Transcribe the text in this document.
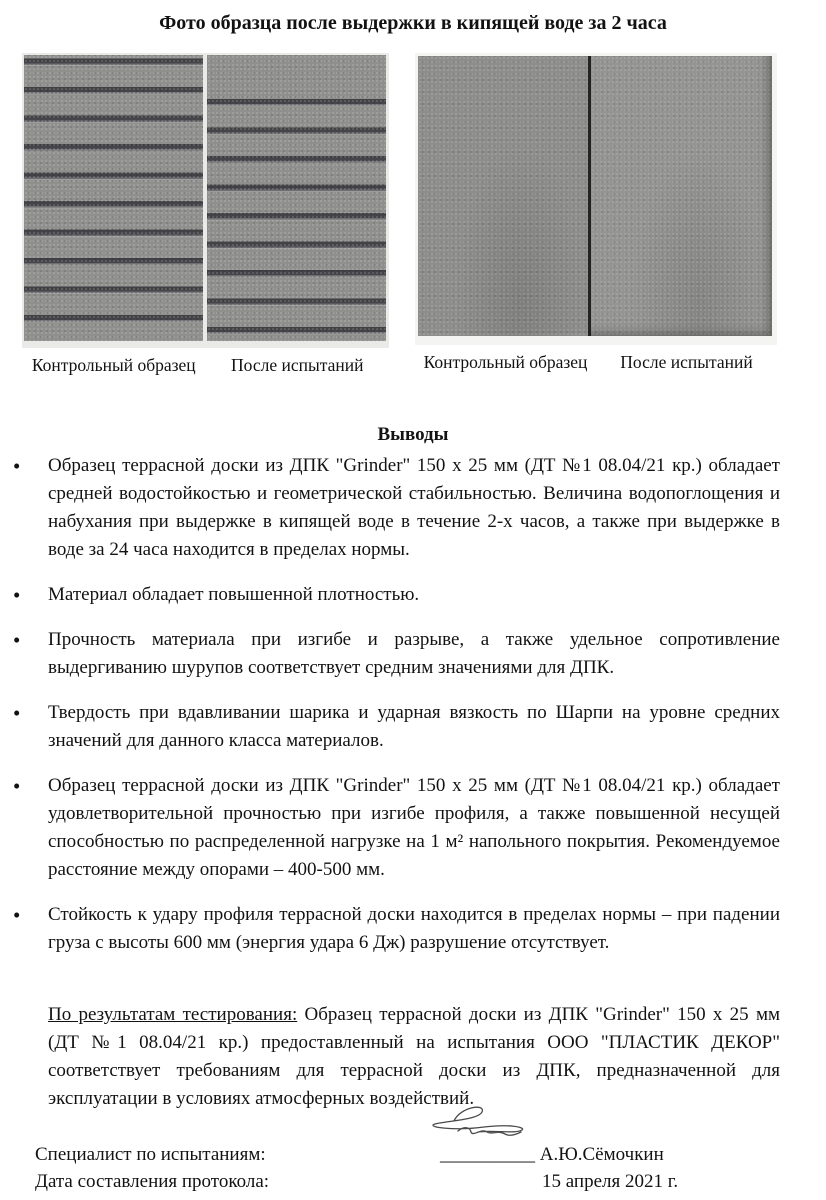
Фото образца после выдержки в кипящей воде за 2 часа
Контрольный образец	После испытаний	Контрольный образец	После испытаний
Выводы
•
Образец террасной доски из ДПК "Grinder" 150 х 25 мм (ДТ №1 08.04/21 кр.) обладает средней водостойкостью и геометрической стабильностью. Величина водопоглощения и набухания при выдержке в кипящей воде в течение 2-х часов, а также при выдержке в воде за 24 часа находится в пределах нормы.
•
Материал обладает повышенной плотностью.
•
Прочность материала при изгибе и разрыве, а также удельное сопротивление выдергиванию шурупов соответствует средним значениями для ДПК.
•
Твердость при вдавливании шарика и ударная вязкость по Шарпи на уровне средних значений для данного класса материалов.
•
Образец террасной доски из ДПК "Grinder" 150 х 25 мм (ДТ №1 08.04/21 кр.) обладает удовлетворительной прочностью при изгибе профиля, а также повышенной несущей способностью по распределенной нагрузке на 1 м² напольного покрытия. Рекомендуемое расстояние между опорами – 400-500 мм.
•
Стойкость к удару профиля террасной доски находится в пределах нормы – при падении груза с высоты 600 мм (энергия удара 6 Дж) разрушение отсутствует.
По результатам тестирования: Образец террасной доски из ДПК "Grinder" 150 х 25 мм (ДТ №1 08.04/21 кр.) предоставленный на испытания ООО "ПЛАСТИК ДЕКОР" соответствует требованиям для террасной доски из ДПК, предназначенной для эксплуатации в условиях атмосферных воздействий.
Специалист по испытаниям:	__________ А.Ю.Сёмочкин
Дата составления протокола:	15 апреля 2021 г.
